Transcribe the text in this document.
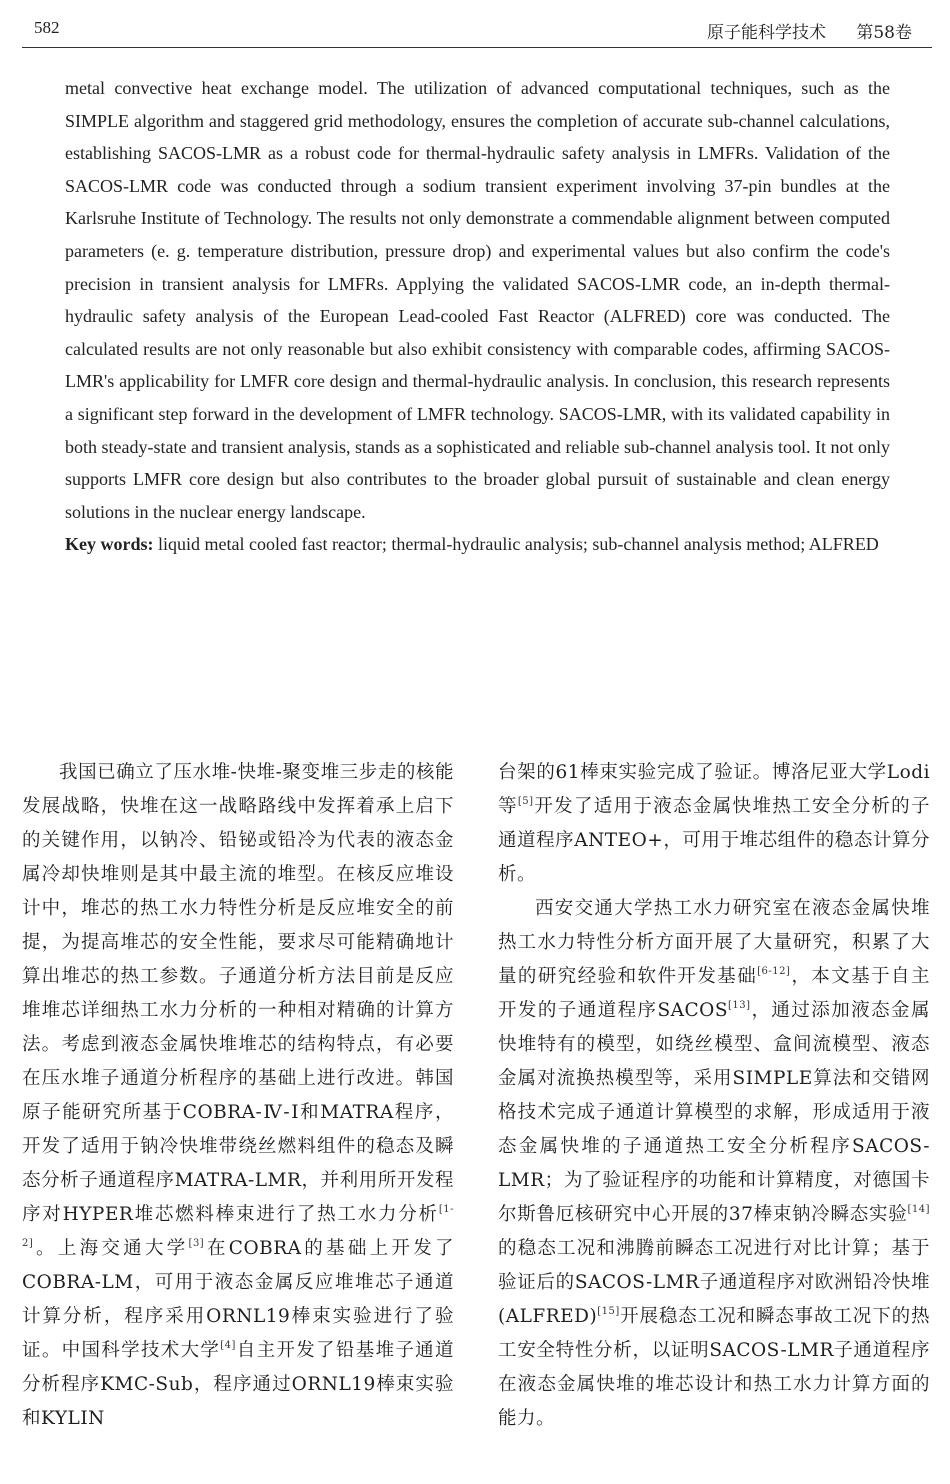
582	原子能科学技术 第58卷

metal convective heat exchange model. The utilization of advanced computational techniques, such as the SIMPLE algorithm and staggered grid methodology, ensures the completion of accurate sub-channel calculations, establishing SACOS-LMR as a robust code for thermal-hydraulic safety analysis in LMFRs. Validation of the SACOS-LMR code was conducted through a sodium transient experiment involving 37-pin bundles at the Karlsruhe Institute of Technology. The results not only demonstrate a commendable alignment between computed parameters (e. g. temperature distribution, pressure drop) and experimental values but also confirm the code's precision in transient analysis for LMFRs. Applying the validated SACOS-LMR code, an in-depth thermal-hydraulic safety analysis of the European Lead-cooled Fast Reactor (ALFRED) core was conducted. The calculated results are not only reasonable but also exhibit consistency with comparable codes, affirming SACOS-LMR's applicability for LMFR core design and thermal-hydraulic analysis. In conclusion, this research represents a significant step forward in the development of LMFR technology. SACOS-LMR, with its validated capability in both steady-state and transient analysis, stands as a sophisticated and reliable sub-channel analysis tool. It not only supports LMFR core design but also contributes to the broader global pursuit of sustainable and clean energy solutions in the nuclear energy landscape.

Key words: liquid metal cooled fast reactor; thermal-hydraulic analysis; sub-channel analysis method; ALFRED

我国已确立了压水堆-快堆-聚变堆三步走的核能发展战略，快堆在这一战略路线中发挥着承上启下的关键作用，以钠冷、铅铋或铅冷为代表的液态金属冷却快堆则是其中最主流的堆型。在核反应堆设计中，堆芯的热工水力特性分析是反应堆安全的前提，为提高堆芯的安全性能，要求尽可能精确地计算出堆芯的热工参数。子通道分析方法目前是反应堆堆芯详细热工水力分析的一种相对精确的计算方法。考虑到液态金属快堆堆芯的结构特点，有必要在压水堆子通道分析程序的基础上进行改进。韩国原子能研究所基于COBRA-Ⅳ-Ⅰ和MATRA程序，开发了适用于钠冷快堆带绕丝燃料组件的稳态及瞬态分析子通道程序MATRA-LMR，并利用所开发程序对HYPER堆芯燃料棒束进行了热工水力分析[1-2]。上海交通大学[3]在COBRA的基础上开发了COBRA-LM，可用于液态金属反应堆堆芯子通道计算分析，程序采用ORNL19棒束实验进行了验证。中国科学技术大学[4]自主开发了铅基堆子通道分析程序KMC-Sub，程序通过ORNL19棒束实验和KYLIN

台架的61棒束实验完成了验证。博洛尼亚大学Lodi等[5]开发了适用于液态金属快堆热工安全分析的子通道程序ANTEO+，可用于堆芯组件的稳态计算分析。

西安交通大学热工水力研究室在液态金属快堆热工水力特性分析方面开展了大量研究，积累了大量的研究经验和软件开发基础[6-12]，本文基于自主开发的子通道程序SACOS[13]，通过添加液态金属快堆特有的模型，如绕丝模型、盒间流模型、液态金属对流换热模型等，采用SIMPLE算法和交错网格技术完成子通道计算模型的求解，形成适用于液态金属快堆的子通道热工安全分析程序SACOS-LMR；为了验证程序的功能和计算精度，对德国卡尔斯鲁厄核研究中心开展的37棒束钠冷瞬态实验[14]的稳态工况和沸腾前瞬态工况进行对比计算；基于验证后的SACOS-LMR子通道程序对欧洲铅冷快堆(ALFRED)[15]开展稳态工况和瞬态事故工况下的热工安全特性分析，以证明SACOS-LMR子通道程序在液态金属快堆的堆芯设计和热工水力计算方面的能力。
